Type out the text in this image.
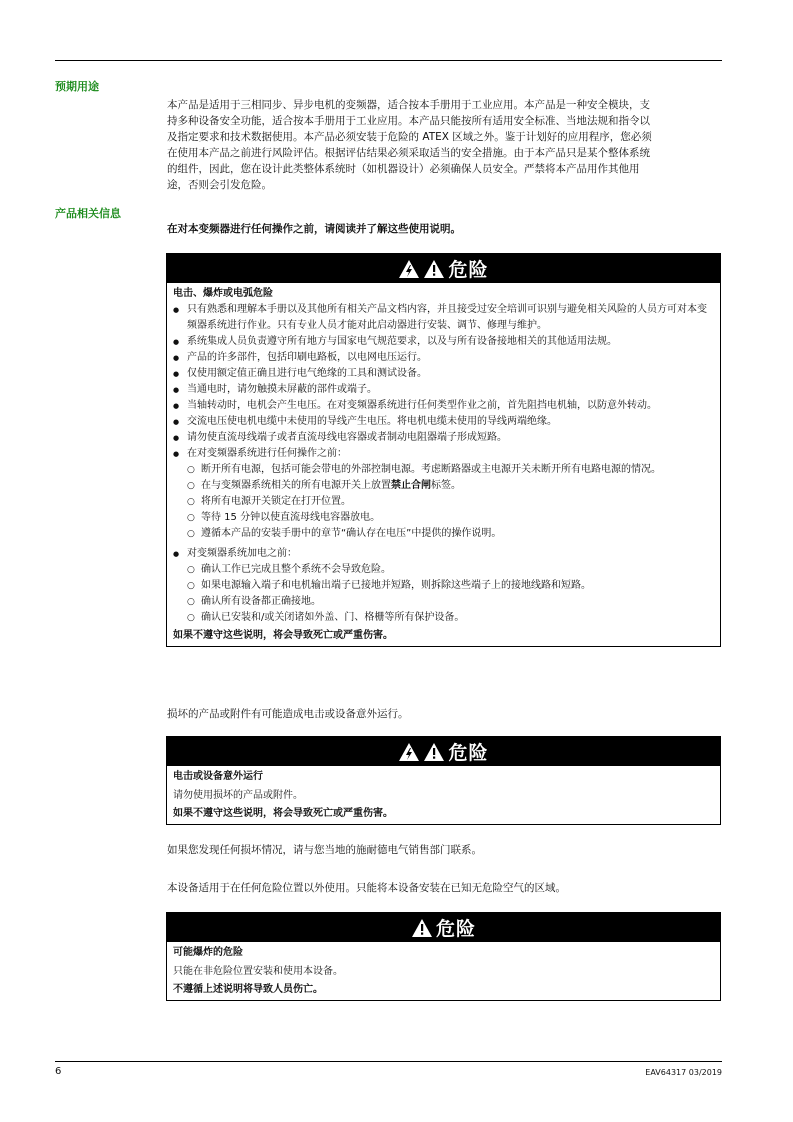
预期用途
本产品是适用于三相同步、异步电机的变频器，适合按本手册用于工业应用。本产品是一种安全模块，支
持多种设备安全功能，适合按本手册用于工业应用。本产品只能按所有适用安全标准、当地法规和指令以
及指定要求和技术数据使用。本产品必须安装于危险的 ATEX 区域之外。鉴于计划好的应用程序，您必须
在使用本产品之前进行风险评估。根据评估结果必须采取适当的安全措施。由于本产品只是某个整体系统
的组件，因此，您在设计此类整体系统时（如机器设计）必须确保人员安全。严禁将本产品用作其他用
途，否则会引发危险。
产品相关信息
在对本变频器进行任何操作之前，请阅读并了解这些使用说明。
危险
电击、爆炸或电弧危险
● 只有熟悉和理解本手册以及其他所有相关产品文档内容，并且接受过安全培训可识别与避免相关风险的人员方可对本变频器系统进行作业。只有专业人员才能对此启动器进行安装、调节、修理与维护。
● 系统集成人员负责遵守所有地方与国家电气规范要求，以及与所有设备接地相关的其他适用法规。
● 产品的许多部件，包括印刷电路板，以电网电压运行。
● 仅使用额定值正确且进行电气绝缘的工具和测试设备。
● 当通电时，请勿触摸未屏蔽的部件或端子。
● 当轴转动时，电机会产生电压。在对变频器系统进行任何类型作业之前，首先阻挡电机轴，以防意外转动。
● 交流电压使电机电缆中未使用的导线产生电压。将电机电缆未使用的导线两端绝缘。
● 请勿使直流母线端子或者直流母线电容器或者制动电阻器端子形成短路。
● 在对变频器系统进行任何操作之前：
○ 断开所有电源，包括可能会带电的外部控制电源。考虑断路器或主电源开关未断开所有电路电源的情况。
○ 在与变频器系统相关的所有电源开关上放置禁止合闸标签。
○ 将所有电源开关锁定在打开位置。
○ 等待 15 分钟以使直流母线电容器放电。
○ 遵循本产品的安装手册中的章节“确认存在电压”中提供的操作说明。
● 对变频器系统加电之前：
○ 确认工作已完成且整个系统不会导致危险。
○ 如果电源输入端子和电机输出端子已接地并短路，则拆除这些端子上的接地线路和短路。
○ 确认所有设备都正确接地。
○ 确认已安装和/或关闭诸如外盖、门、格栅等所有保护设备。
如果不遵守这些说明，将会导致死亡或严重伤害。
损坏的产品或附件有可能造成电击或设备意外运行。
危险
电击或设备意外运行
请勿使用损坏的产品或附件。
如果不遵守这些说明，将会导致死亡或严重伤害。
如果您发现任何损坏情况，请与您当地的施耐德电气销售部门联系。
本设备适用于在任何危险位置以外使用。只能将本设备安装在已知无危险空气的区域。
危险
可能爆炸的危险
只能在非危险位置安装和使用本设备。
不遵循上述说明将导致人员伤亡。
6	EAV64317 03/2019
